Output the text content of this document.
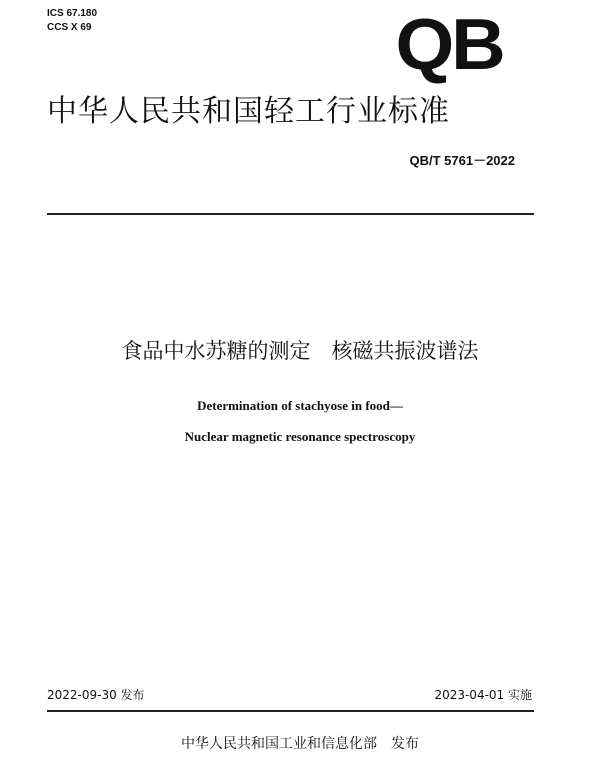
ICS 67.180
CCS X 69	QB
中华人民共和国轻工行业标准
QB/T 5761－2022
食品中水苏糖的测定　核磁共振波谱法
Determination of stachyose in food—
Nuclear magnetic resonance spectroscopy
2022-09-30 发布	2023-04-01 实施
中华人民共和国工业和信息化部　发布
